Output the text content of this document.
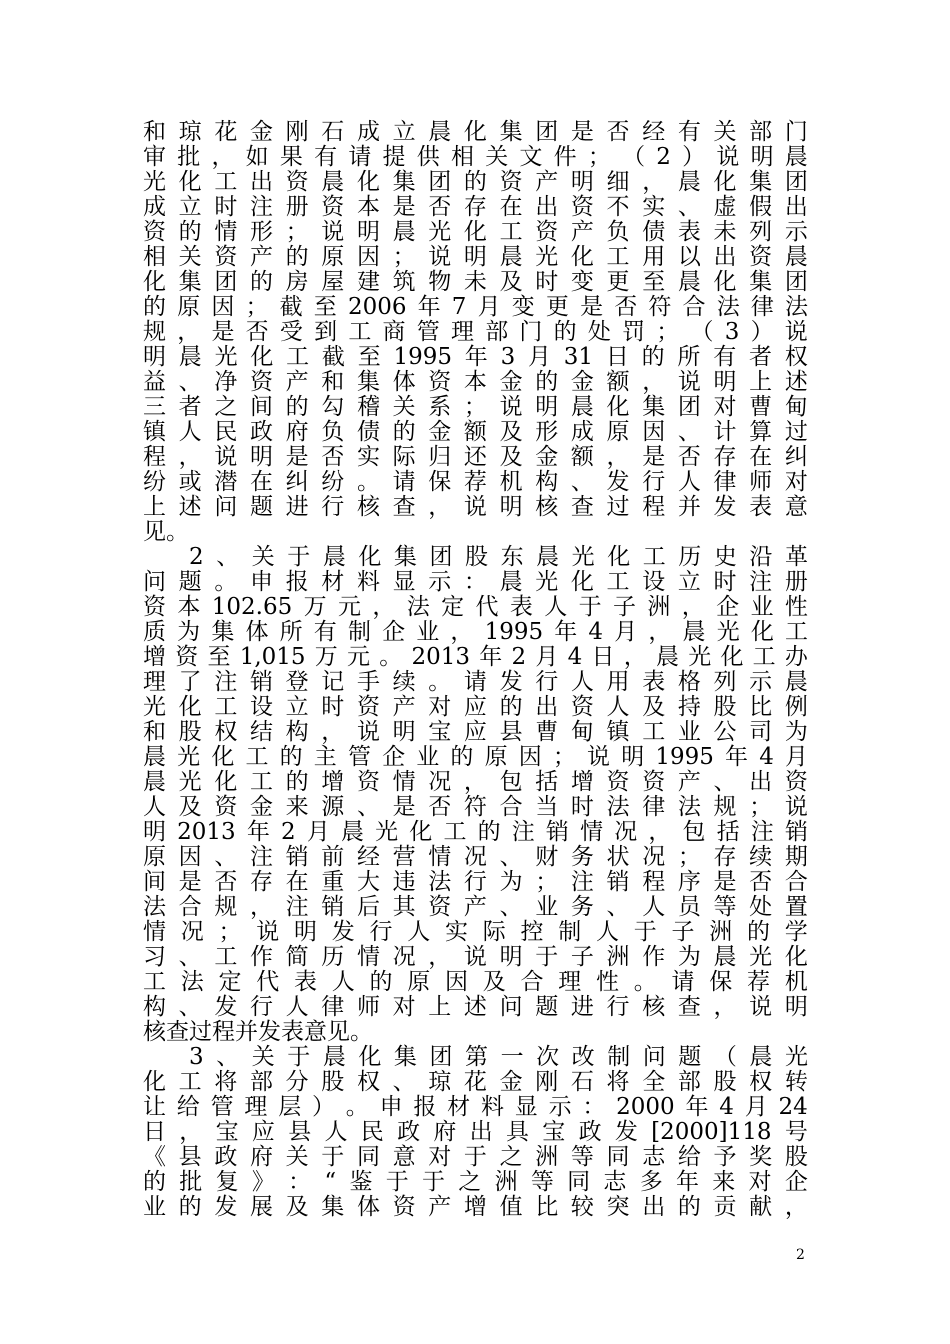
和 琼 花 金 刚 石 成 立 晨 化 集 团 是 否 经 有 关 部 门
审 批 ， 如 果 有 请 提 供 相 关 文 件 ； （ 2 ） 说 明 晨
光 化 工 出 资 晨 化 集 团 的 资 产 明 细 ， 晨 化 集 团
成 立 时 注 册 资 本 是 否 存 在 出 资 不 实 、 虚 假 出
资 的 情 形 ； 说 明 晨 光 化 工 资 产 负 债 表 未 列 示
相 关 资 产 的 原 因 ； 说 明 晨 光 化 工 用 以 出 资 晨
化 集 团 的 房 屋 建 筑 物 未 及 时 变 更 至 晨 化 集 团
的 原 因 ； 截 至 2006 年 7 月 变 更 是 否 符 合 法 律 法
规 ， 是 否 受 到 工 商 管 理 部 门 的 处 罚 ； （ 3 ） 说
明 晨 光 化 工 截 至 1995 年 3 月 31 日 的 所 有 者 权
益 、 净 资 产 和 集 体 资 本 金 的 金 额 ， 说 明 上 述
三 者 之 间 的 勾 稽 关 系 ； 说 明 晨 化 集 团 对 曹 甸
镇 人 民 政 府 负 债 的 金 额 及 形 成 原 因 、 计 算 过
程 ， 说 明 是 否 实 际 归 还 及 金 额 ， 是 否 存 在 纠
纷 或 潜 在 纠 纷 。 请 保 荐 机 构 、 发 行 人 律 师 对
上 述 问 题 进 行 核 查 ， 说 明 核 查 过 程 并 发 表 意
见。
2 、 关 于 晨 化 集 团 股 东 晨 光 化 工 历 史 沿 革
问 题 。 申 报 材 料 显 示 ： 晨 光 化 工 设 立 时 注 册
资 本 102.65 万 元 ， 法 定 代 表 人 于 子 洲 ， 企 业 性
质 为 集 体 所 有 制 企 业 ， 1995 年 4 月 ， 晨 光 化 工
增 资 至 1,015 万 元 。 2013 年 2 月 4 日 ， 晨 光 化 工 办
理 了 注 销 登 记 手 续 。 请 发 行 人 用 表 格 列 示 晨
光 化 工 设 立 时 资 产 对 应 的 出 资 人 及 持 股 比 例
和 股 权 结 构 ， 说 明 宝 应 县 曹 甸 镇 工 业 公 司 为
晨 光 化 工 的 主 管 企 业 的 原 因 ； 说 明 1995 年 4 月
晨 光 化 工 的 增 资 情 况 ， 包 括 增 资 资 产 、 出 资
人 及 资 金 来 源 、 是 否 符 合 当 时 法 律 法 规 ； 说
明 2013 年 2 月 晨 光 化 工 的 注 销 情 况 ， 包 括 注 销
原 因 、 注 销 前 经 营 情 况 、 财 务 状 况 ； 存 续 期
间 是 否 存 在 重 大 违 法 行 为 ； 注 销 程 序 是 否 合
法 合 规 ， 注 销 后 其 资 产 、 业 务 、 人 员 等 处 置
情 况 ； 说 明 发 行 人 实 际 控 制 人 于 子 洲 的 学
习 、 工 作 简 历 情 况 ， 说 明 于 子 洲 作 为 晨 光 化
工 法 定 代 表 人 的 原 因 及 合 理 性 。 请 保 荐 机
构 、 发 行 人 律 师 对 上 述 问 题 进 行 核 查 ， 说 明
核查过程并发表意见。
3 、 关 于 晨 化 集 团 第 一 次 改 制 问 题 （ 晨 光
化 工 将 部 分 股 权 、 琼 花 金 刚 石 将 全 部 股 权 转
让 给 管 理 层 ） 。 申 报 材 料 显 示 ： 2000 年 4 月 24
日 ， 宝 应 县 人 民 政 府 出 具 宝 政 发 [2000]118 号
《 县 政 府 关 于 同 意 对 于 之 洲 等 同 志 给 予 奖 股
的 批 复 》 ： “ 鉴 于 于 之 洲 等 同 志 多 年 来 对 企
业 的 发 展 及 集 体 资 产 增 值 比 较 突 出 的 贡 献 ，
2
